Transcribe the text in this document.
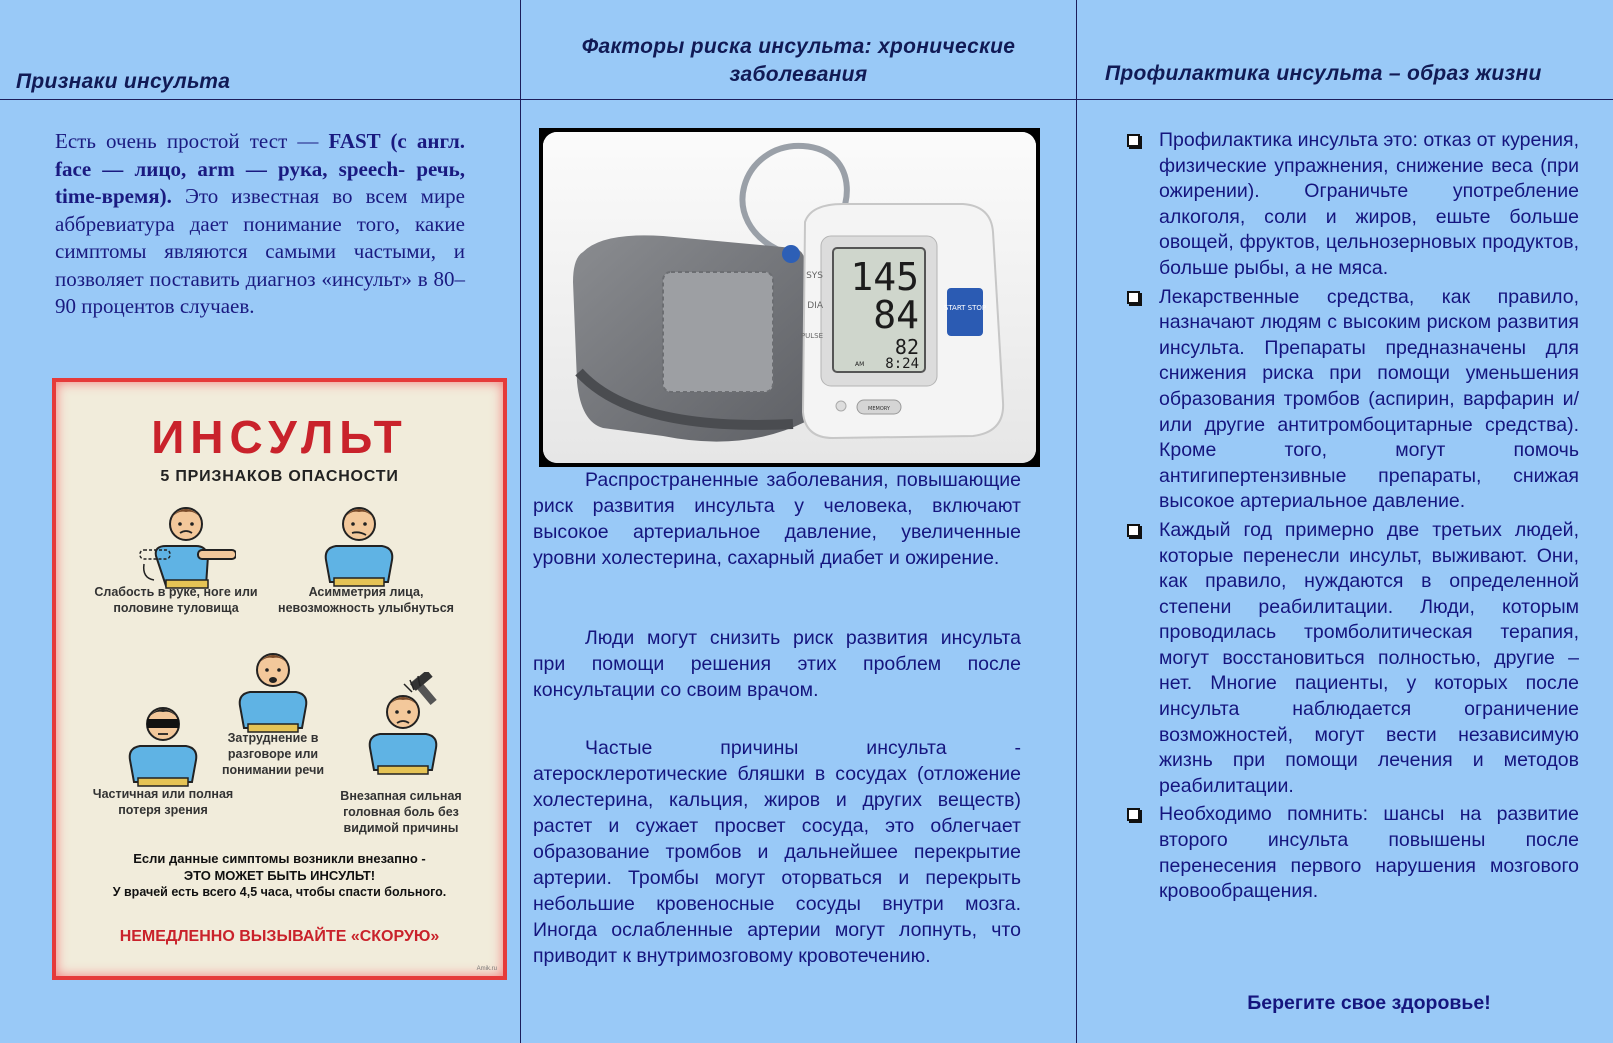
Признаки инсульта

Есть очень простой тест — FAST (с англ. face — лицо, arm — рука, speech- речь, time-время). Это известная во всем мире аббревиатура дает понимание того, какие симптомы являются самыми частыми, и позволяет поставить диагноз «инсульт» в 80–90 процентов случаев.

ИНСУЛЬТ
5 ПРИЗНАКОВ ОПАСНОСТИ
Слабость в руке, ноге или половине туловища
Асимметрия лица, невозможность улыбнуться
Затруднение в разговоре или понимании речи
Частичная или полная потеря зрения
Внезапная сильная головная боль без видимой причины
Если данные симптомы возникли внезапно -
ЭТО МОЖЕТ БЫТЬ ИНСУЛЬТ!
У врачей есть всего 4,5 часа, чтобы спасти больного.
НЕМЕДЛЕННО ВЫЗЫВАЙТЕ «СКОРУЮ»
Amik.ru
Факторы риска инсульта: хронические заболевания
145
84
82
AM 8:24
SYS
DIA
PULSE
START STOP
MEMORY

Распространенные заболевания, повышающие риск развития инсульта у человека, включают высокое артериальное давление, увеличенные уровни холестерина, сахарный диабет и ожирение.

Люди могут снизить риск развития инсульта при помощи решения этих проблем после консультации со своим врачом.

Частые причины инсульта - атеросклеротические бляшки в сосудах (отложение холестерина, кальция, жиров и других веществ) растет и сужает просвет сосуда, это облегчает образование тромбов и дальнейшее перекрытие артерии. Тромбы могут оторваться и перекрыть небольшие кровеносные сосуды внутри мозга. Иногда ослабленные артерии могут лопнуть, что приводит к внутримозговому кровотечению.

Профилактика инсульта – образ жизни
Профилактика инсульта это: отказ от курения, физические упражнения, снижение веса (при ожирении). Ограничьте употребление алкоголя, соли и жиров, ешьте больше овощей, фруктов, цельнозерновых продуктов, больше рыбы, а не мяса.
Лекарственные средства, как правило, назначают людям с высоким риском развития инсульта. Препараты предназначены для снижения риска при помощи уменьшения образования тромбов (аспирин, варфарин и/или другие антитромбоцитарные средства). Кроме того, могут помочь антигипертензивные препараты, снижая высокое артериальное давление.
Каждый год примерно две третьих людей, которые перенесли инсульт, выживают. Они, как правило, нуждаются в определенной степени реабилитации. Люди, которым проводилась тромболитическая терапия, могут восстановиться полностью, другие – нет. Многие пациенты, у которых после инсульта наблюдается ограничение возможностей, могут вести независимую жизнь при помощи лечения и методов реабилитации.
Необходимо помнить: шансы на развитие второго инсульта повышены после перенесения первого нарушения мозгового кровообращения.
Берегите свое здоровье!
